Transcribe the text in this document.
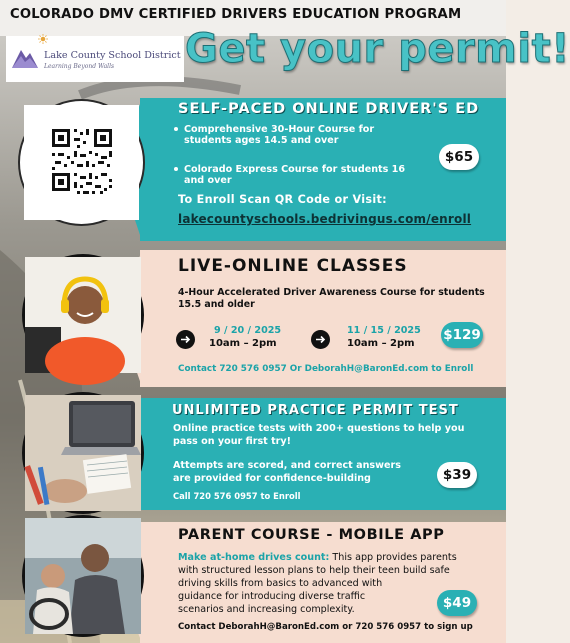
COLORADO DMV CERTIFIED DRIVERS EDUCATION PROGRAM
Lake County School District
Learning Beyond Walls Get your permit!
SELF-PACED ONLINE DRIVER'S ED
Comprehensive 30-Hour Course for
students ages 14.5 and over
Colorado Express Course for students 16
and over
To Enroll Scan QR Code or Visit:
lakecountyschools.bedrivingus.com/enroll
$65
LIVE-ONLINE CLASSES
4-Hour Accelerated Driver Awareness Course for students
15.5 and older
9 / 20 / 2025
10am – 2pm
11 / 15 / 2025
10am – 2pm
$129
Contact 720 576 0957 Or DeborahH@BaronEd.com to Enroll
UNLIMITED PRACTICE PERMIT TEST
Online practice tests with 200+ questions to help you
pass on your first try!
Attempts are scored, and correct answers
are provided for confidence-building
Call 720 576 0957 to Enroll
$39
PARENT COURSE - MOBILE APP
Make at-home drives count: This app provides parents
with structured lesson plans to help their teen build safe
driving skills from basics to advanced with
guidance for introducing diverse traffic
scenarios and increasing complexity.
Contact DeborahH@BaronEd.com or 720 576 0957 to sign up
$49
